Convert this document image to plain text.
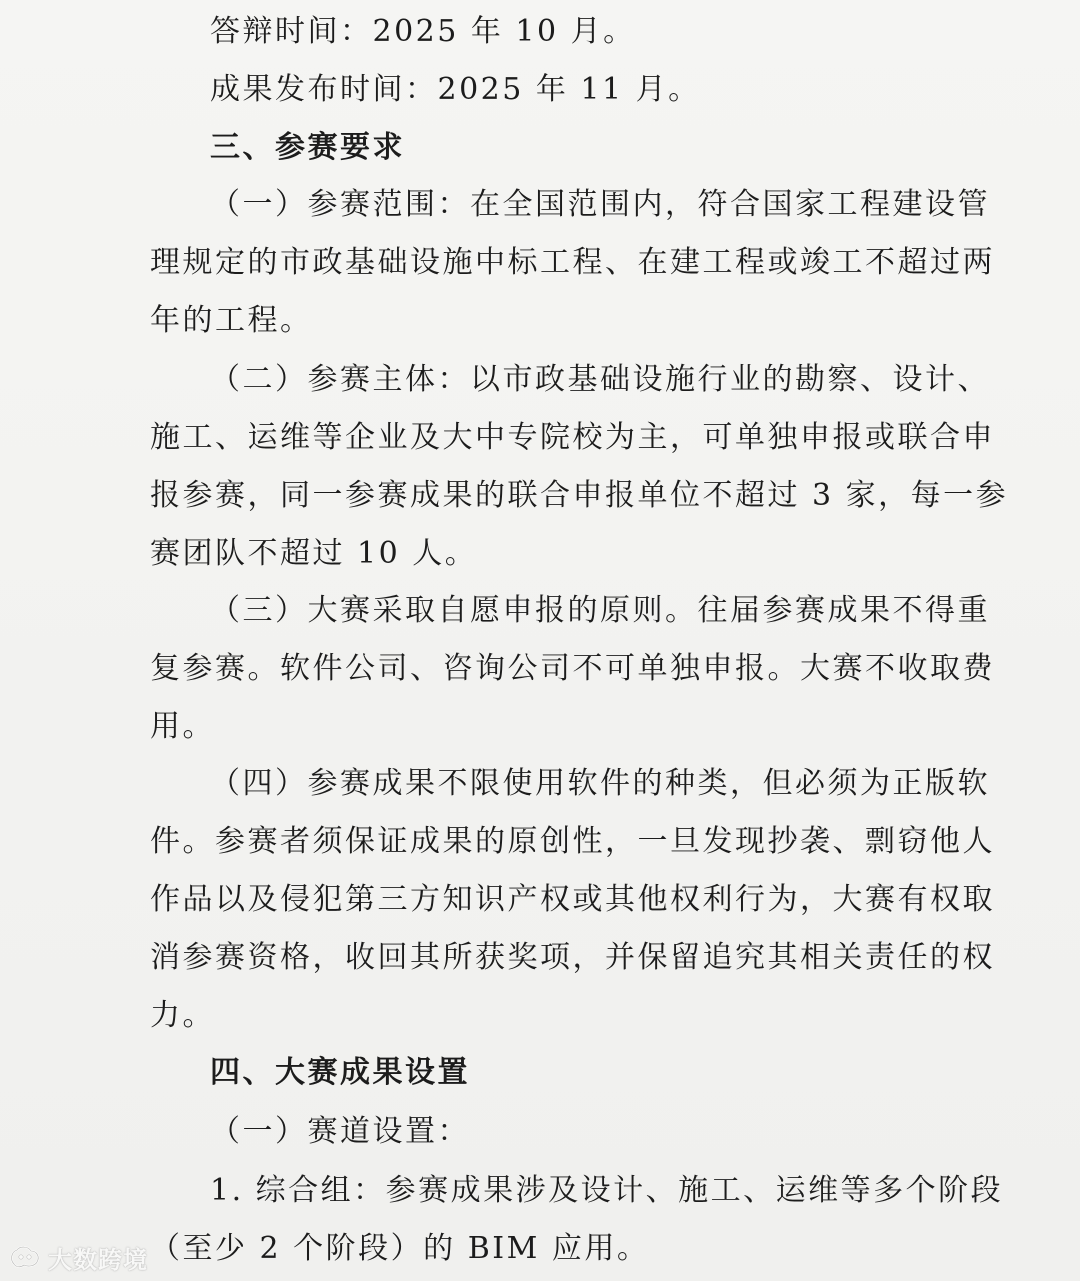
答辩时间：2025 年 10 月。
成果发布时间：2025 年 11 月。
三、参赛要求
（一）参赛范围：在全国范围内，符合国家工程建设管
理规定的市政基础设施中标工程、在建工程或竣工不超过两
年的工程。
（二）参赛主体：以市政基础设施行业的勘察、设计、
施工、运维等企业及大中专院校为主，可单独申报或联合申
报参赛，同一参赛成果的联合申报单位不超过 3 家，每一参
赛团队不超过 10 人。
（三）大赛采取自愿申报的原则。往届参赛成果不得重
复参赛。软件公司、咨询公司不可单独申报。大赛不收取费
用。
（四）参赛成果不限使用软件的种类，但必须为正版软
件。参赛者须保证成果的原创性，一旦发现抄袭、剽窃他人
作品以及侵犯第三方知识产权或其他权利行为，大赛有权取
消参赛资格，收回其所获奖项，并保留追究其相关责任的权
力。
四、大赛成果设置
（一）赛道设置：
1. 综合组：参赛成果涉及设计、施工、运维等多个阶段
（至少 2 个阶段）的 BIM 应用。
大数跨境
